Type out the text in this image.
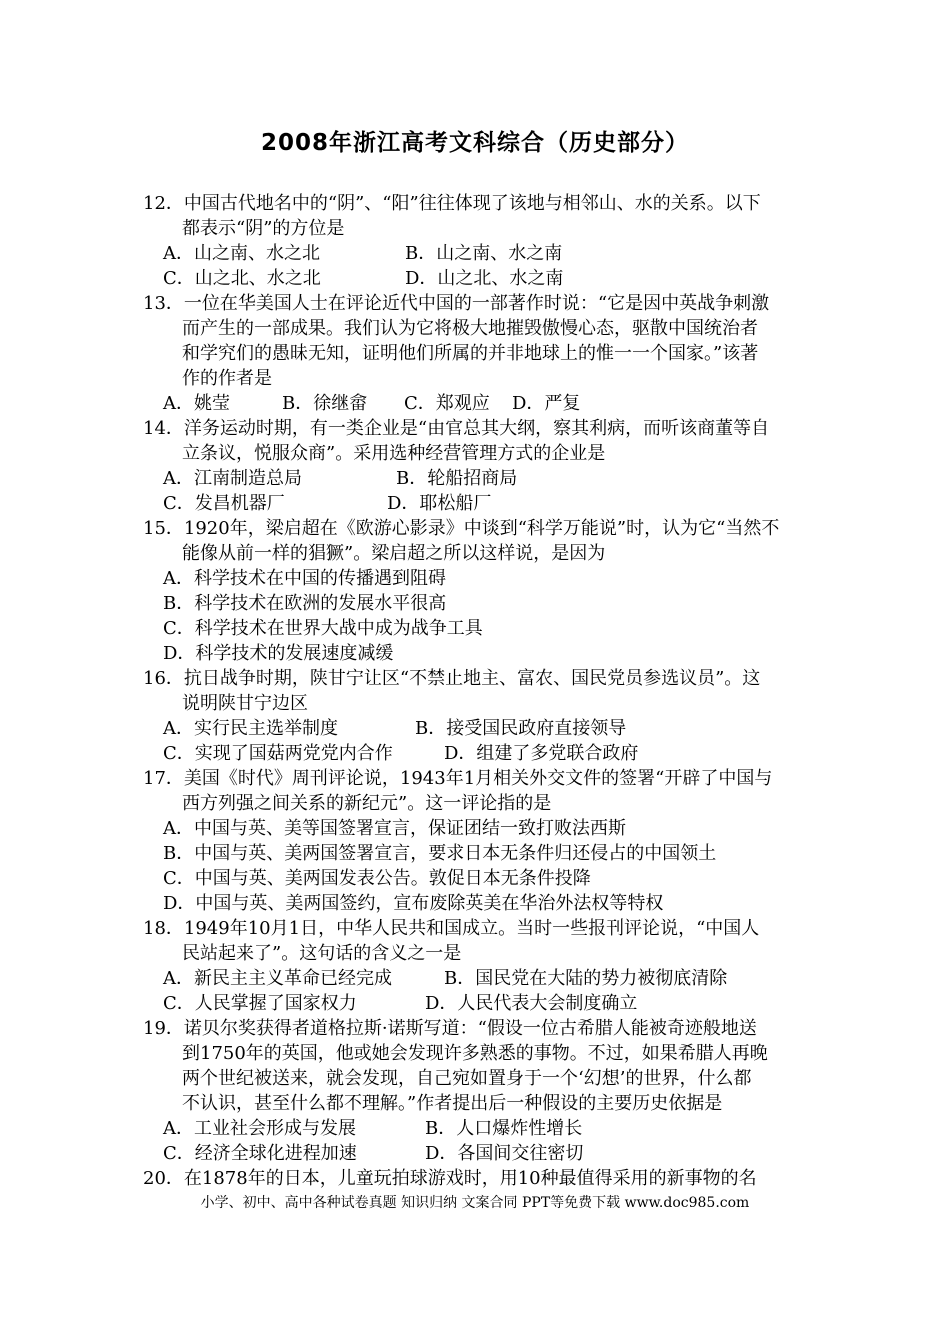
2008年浙江高考文科综合（历史部分）
12．中国古代地名中的“阴”、“阳”往往体现了该地与相邻山、水的关系。以下
都表示“阴”的方位是
A．山之南、水之北	B．山之南、水之南
C．山之北、水之北	D．山之北、水之南
13．一位在华美国人士在评论近代中国的一部著作时说：“它是因中英战争刺激
而产生的一部成果。我们认为它将极大地摧毁傲慢心态，驱散中国统治者
和学究们的愚昧无知，证明他们所属的并非地球上的惟一一个国家。”该著
作的作者是
A．姚莹	B．徐继畲 C．郑观应 D．严复
14．洋务运动时期，有一类企业是“由官总其大纲，察其利病，而听该商董等自
立条议，悦服众商”。采用选种经营管理方式的企业是
A．江南制造总局	B．轮船招商局
C．发昌机器厂	D．耶松船厂
15．1920年，梁启超在《欧游心影录》中谈到“科学万能说”时，认为它“当然不
能像从前一样的猖獗”。梁启超之所以这样说，是因为
A．科学技术在中国的传播遇到阻碍
B．科学技术在欧洲的发展水平很高
C．科学技术在世界大战中成为战争工具
D．科学技术的发展速度减缓
16．抗日战争时期，陕甘宁让区“不禁止地主、富农、国民党员参选议员”。这
说明陕甘宁边区
A．实行民主选举制度	B．接受国民政府直接领导
C．实现了国菇两党党内合作	D．组建了多党联合政府
17．美国《时代》周刊评论说，1943年1月相关外交文件的签署“开辟了中国与
西方列强之间关系的新纪元”。这一评论指的是
A．中国与英、美等国签署宣言，保证团结一致打败法西斯
B．中国与英、美两国签署宣言，要求日本无条件归还侵占的中国领土
C．中国与英、美两国发表公告。敦促日本无条件投降
D．中国与英、美两国签约，宣布废除英美在华治外法权等特权
18．1949年10月1日，中华人民共和国成立。当时一些报刊评论说，“中国人
民站起来了”。这句话的含义之一是
A．新民主主义革命已经完成	B．国民党在大陆的势力被彻底清除
C．人民掌握了国家权力	D．人民代表大会制度确立
19．诺贝尔奖获得者道格拉斯·诺斯写道：“假设一位古希腊人能被奇迹般地送
到1750年的英国，他或她会发现许多熟悉的事物。不过，如果希腊人再晚
两个世纪被送来，就会发现，自己宛如置身于一个‘幻想’的世界，什么都
不认识，甚至什么都不理解。”作者提出后一种假设的主要历史依据是
A．工业社会形成与发展	B．人口爆炸性增长
C．经济全球化进程加速	D．各国间交往密切
20．在1878年的日本，儿童玩拍球游戏时，用10种最值得采用的新事物的名
小学、初中、高中各种试卷真题 知识归纳 文案合同 PPT等免费下载 www.doc985.com
